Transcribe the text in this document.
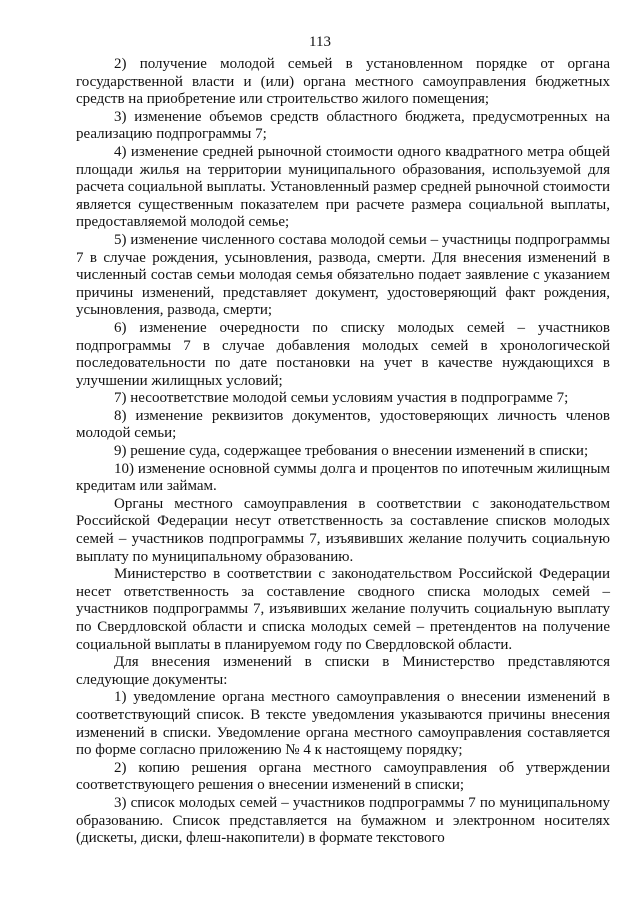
113

2) получение молодой семьей в установленном порядке от органа государственной власти и (или) органа местного самоуправления бюджетных средств на приобретение или строительство жилого помещения;

3) изменение объемов средств областного бюджета, предусмотренных на реализацию подпрограммы 7;

4) изменение средней рыночной стоимости одного квадратного метра общей площади жилья на территории муниципального образования, используемой для расчета социальной выплаты. Установленный размер средней рыночной стоимости является существенным показателем при расчете размера социальной выплаты, предоставляемой молодой семье;

5) изменение численного состава молодой семьи – участницы подпрограммы 7 в случае рождения, усыновления, развода, смерти. Для внесения изменений в численный состав семьи молодая семья обязательно подает заявление с указанием причины изменений, представляет документ, удостоверяющий факт рождения, усыновления, развода, смерти;

6) изменение очередности по списку молодых семей – участников подпрограммы 7 в случае добавления молодых семей в хронологической последовательности по дате постановки на учет в качестве нуждающихся в улучшении жилищных условий;

7) несоответствие молодой семьи условиям участия в подпрограмме 7;

8) изменение реквизитов документов, удостоверяющих личность членов молодой семьи;

9) решение суда, содержащее требования о внесении изменений в списки;

10) изменение основной суммы долга и процентов по ипотечным жилищным кредитам или займам.

Органы местного самоуправления в соответствии с законодательством Российской Федерации несут ответственность за составление списков молодых семей – участников подпрограммы 7, изъявивших желание получить социальную выплату по муниципальному образованию.

Министерство в соответствии с законодательством Российской Федерации несет ответственность за составление сводного списка молодых семей – участников подпрограммы 7, изъявивших желание получить социальную выплату по Свердловской области и списка молодых семей – претендентов на получение социальной выплаты в планируемом году по Свердловской области.

Для внесения изменений в списки в Министерство представляются следующие документы:

1) уведомление органа местного самоуправления о внесении изменений в соответствующий список. В тексте уведомления указываются причины внесения изменений в списки. Уведомление органа местного самоуправления составляется по форме согласно приложению № 4 к настоящему порядку;

2) копию решения органа местного самоуправления об утверждении соответствующего решения о внесении изменений в списки;

3) список молодых семей – участников подпрограммы 7 по муниципальному образованию. Список представляется на бумажном и электронном носителях (дискеты, диски, флеш-накопители) в формате текстового
